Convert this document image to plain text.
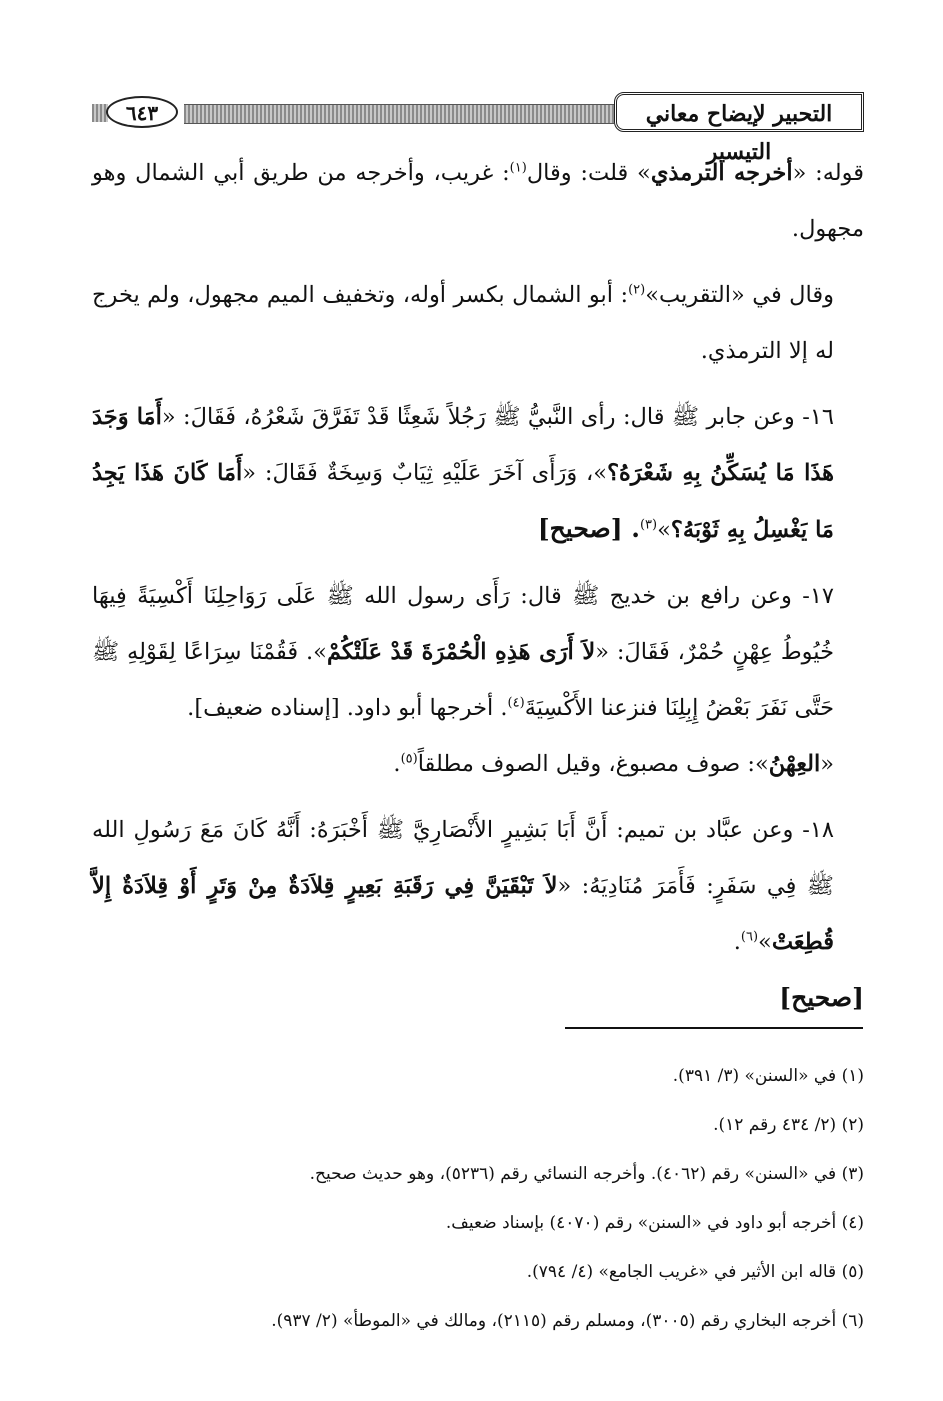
٦٤٣	التحبير لإيضاح معاني التيسير

قوله: «أخرجه الترمذي» قلت: وقال$^{(١)}$: غريب، وأخرجه من طريق أبي الشمال وهو مجهول.

وقال في «التقريب»$^{(٢)}$: أبو الشمال بكسر أوله، وتخفيف الميم مجهول، ولم يخرج له إلا الترمذي.

١٦- وعن جابر ﷺ قال: رأى النَّبيُّ ﷺ رَجُلاً شَعِثًا قَدْ تَفَرَّقَ شَعْرُهُ، فَقَالَ: «أَمَا وَجَدَ هَذَا مَا يُسَكِّنُ بِهِ شَعْرَهُ؟»، وَرَأَى آخَرَ عَلَيْهِ ثِيَابٌ وَسِخَةٌ فَقَالَ: «أَمَا كَانَ هَذَا يَجِدُ مَا يَغْسِلُ بِهِ ثَوْبَهُ؟»$^{(٣)}$. [صحيح]

١٧- وعن رافع بن خديج ﷺ قال: رَأَى رسول الله ﷺ عَلَى رَوَاحِلِنَا أَكْسِيَةً فِيهَا خُيُوطُ عِهْنٍ حُمْرٌ، فَقَالَ: «لاَ أَرَى هَذِهِ الْحُمْرَةَ قَدْ عَلَتْكُمْ». فَقُمْنَا سِرَاعًا لِقَوْلِهِ ﷺ حَتَّى نَفَرَ بَعْضُ إِبِلِنَا فنزعنا الأَكْسِيَةَ$^{(٤)}$. أخرجها أبو داود. [إسناده ضعيف].

«العِهْنُ»: صوف مصبوغ، وقيل الصوف مطلقاً$^{(٥)}$.

١٨- وعن عبَّاد بن تميم: أَنَّ أَبَا بَشِيرٍ الأَنْصَارِيَّ ﷺ أَخْبَرَهُ: أَنَّهُ كَانَ مَعَ رَسُولِ الله ﷺ فِي سَفَرٍ: فَأَمَرَ مُنَادِيَهُ: «لاَ تَبْقَيَنَّ فِي رَقَبَةِ بَعِيرٍ قِلاَدَةٌ مِنْ وَتَرٍ أَوْ قِلاَدَةٌ إِلاَّ قُطِعَتْ»$^{(٦)}$.

[صحيح]

(١) في «السنن» (٣/ ٣٩١).

(٢) (٢/ ٤٣٤ رقم ١٢).

(٣) في «السنن» رقم (٤٠٦٢). وأخرجه النسائي رقم (٥٢٣٦)، وهو حديث صحيح.

(٤) أخرجه أبو داود في «السنن» رقم (٤٠٧٠) بإسناد ضعيف.

(٥) قاله ابن الأثير في «غريب الجامع» (٤/ ٧٩٤).

(٦) أخرجه البخاري رقم (٣٠٠٥)، ومسلم رقم (٢١١٥)، ومالك في «الموطأ» (٢/ ٩٣٧).
